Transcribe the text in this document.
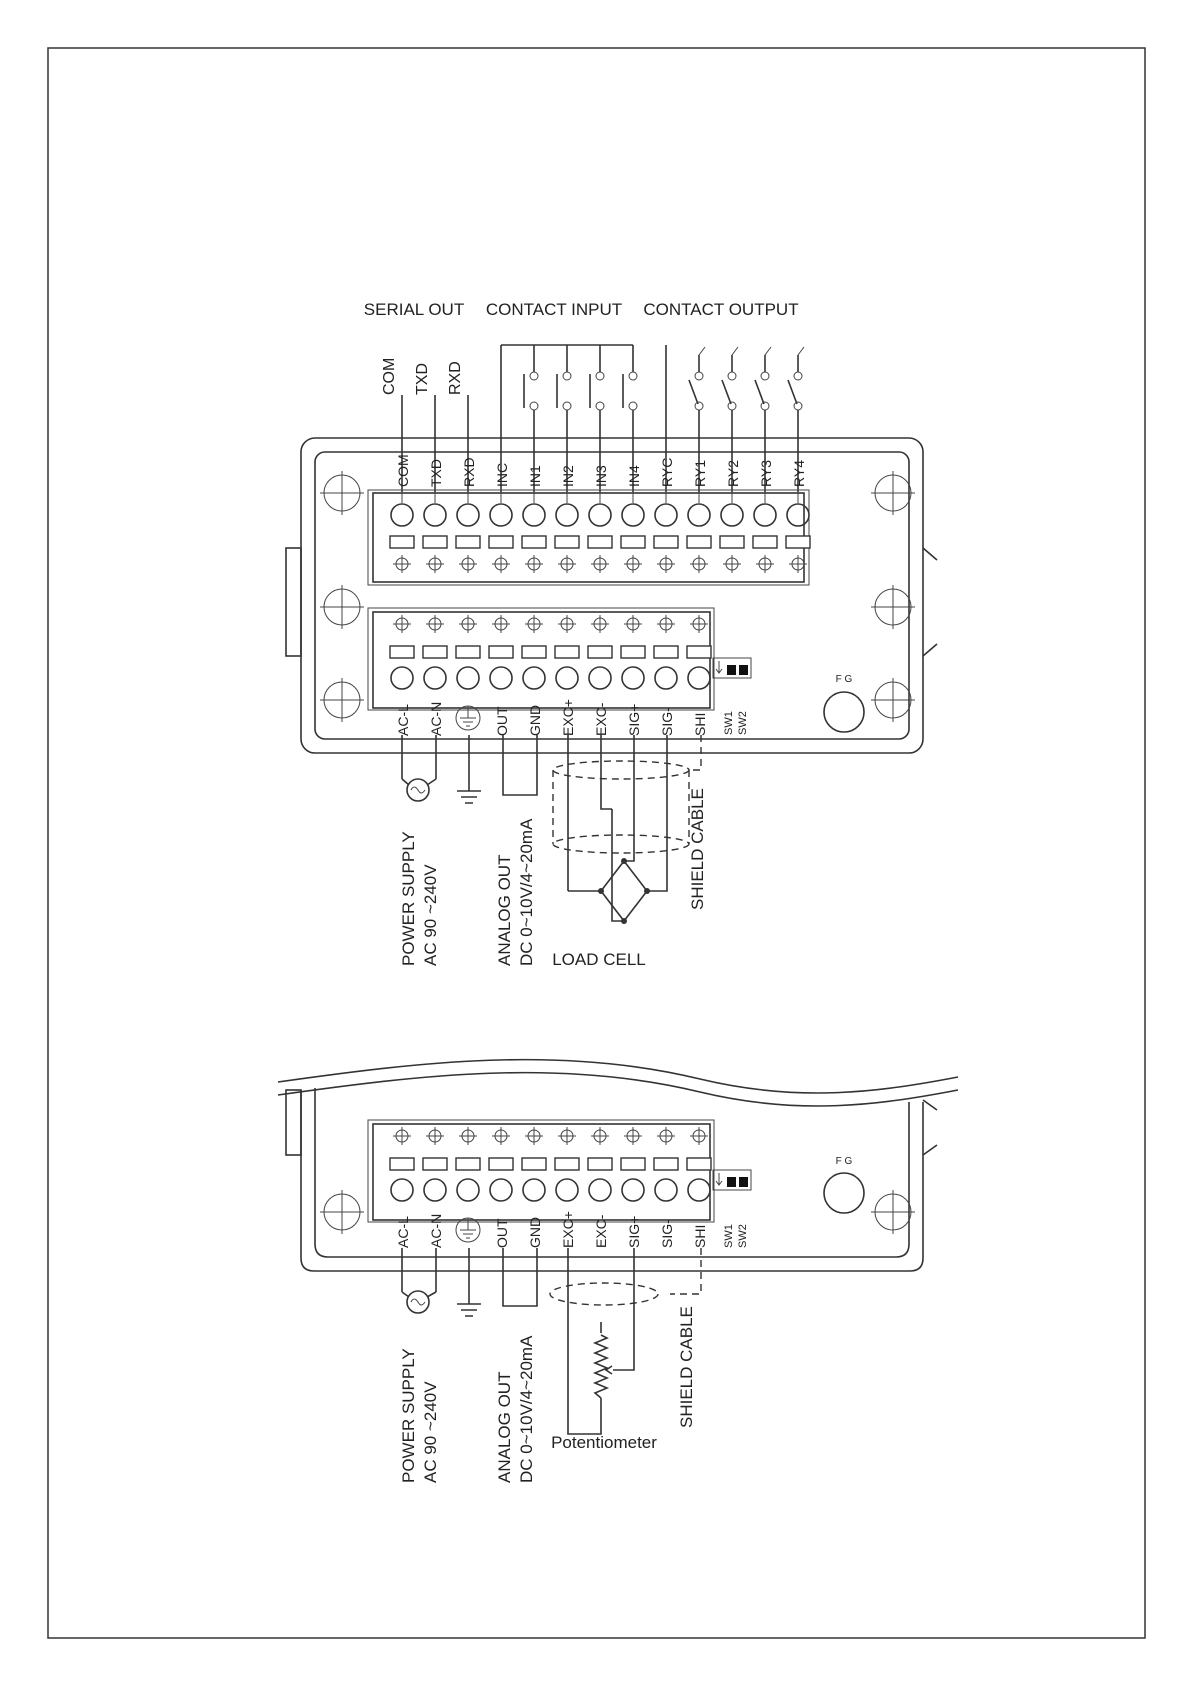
SERIAL OUT CONTACT INPUT CONTACT OUTPUT
COM TXD RXD
F G
SW1 SW2
COM TXD RXD INC IN1 IN2 IN3 IN4 RYC RY1 RY2 RY3 RY4
AC-L AC-N	OUT GND EXC+ EXC- SIG+ SIG- SHI
POWER SUPPLY AC 90 ~240V	ANALOG OUT DC 0~10V/4~20mA	SHIELD CABLE
LOAD CELL
F G
SW1 SW2
AC-L AC-N	OUT GND EXC+ EXC- SIG+ SIG- SHI
POWER SUPPLY AC 90 ~240V	ANALOG OUT DC 0~10V/4~20mA	SHIELD CABLE
Potentiometer
